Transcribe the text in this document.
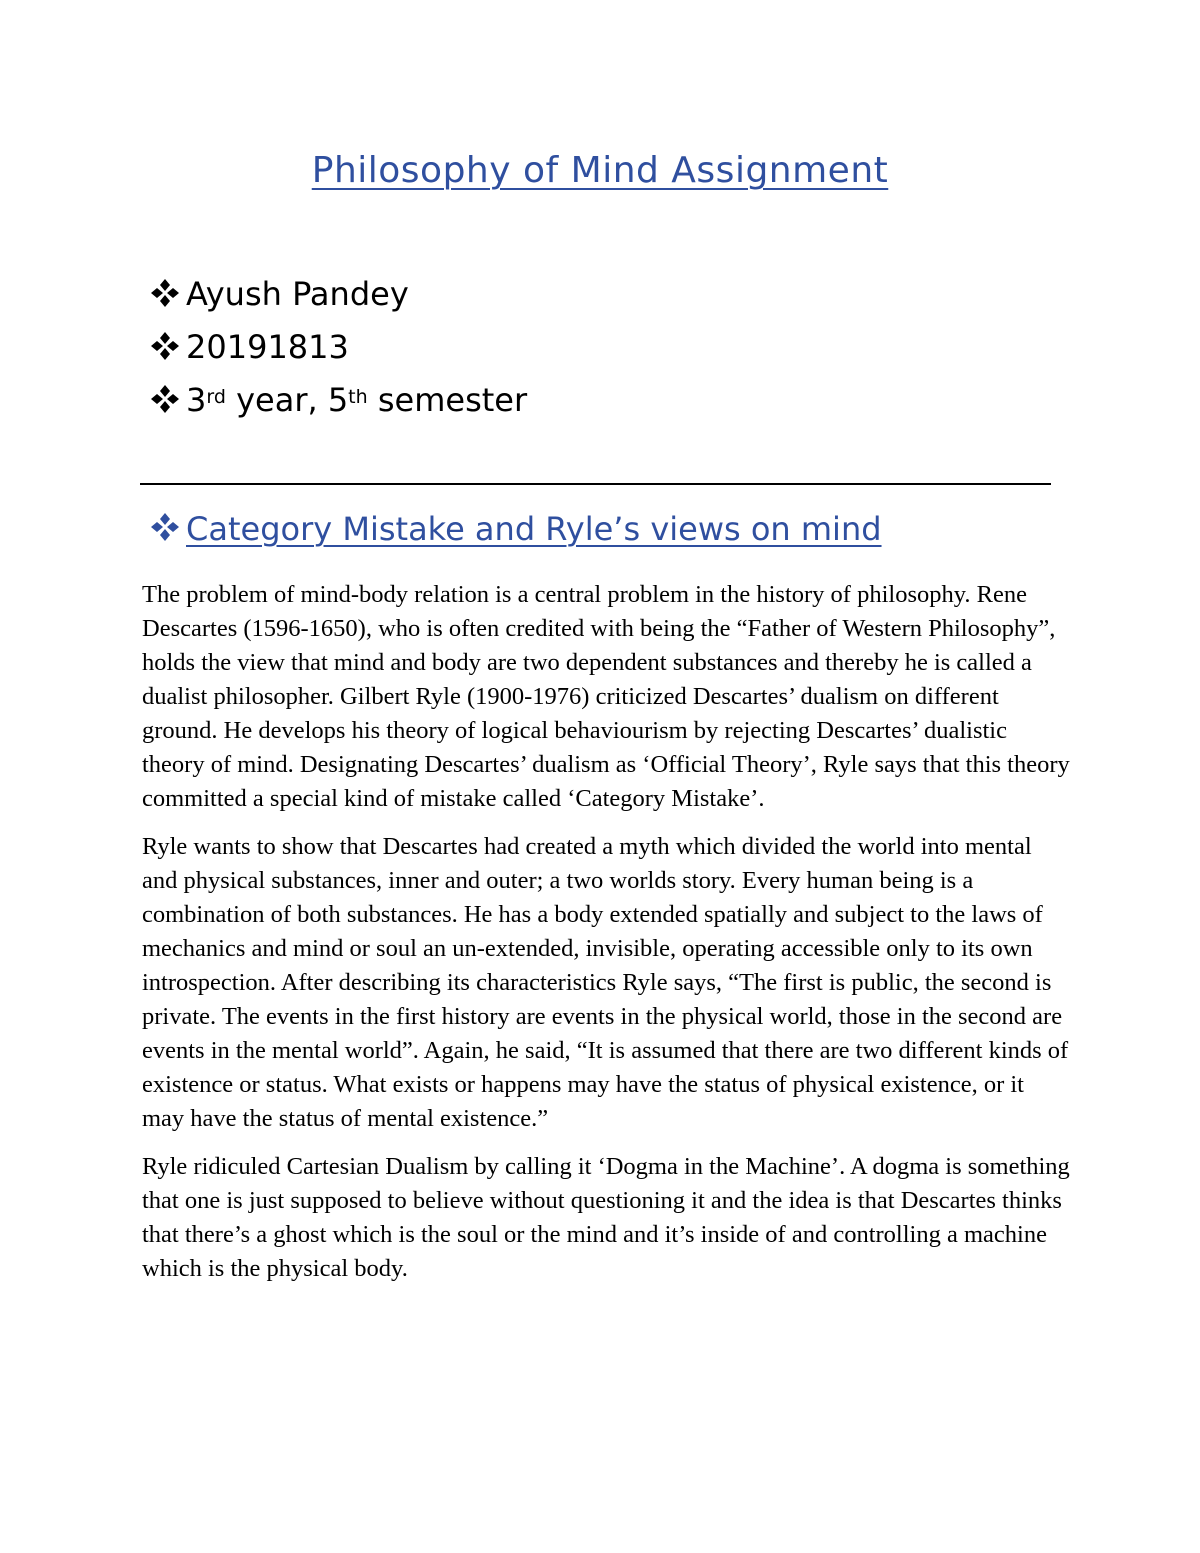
Philosophy of Mind Assignment
Ayush Pandey
20191813
3rd year, 5th semester
Category Mistake and Ryle’s views on mind

The problem of mind-body relation is a central problem in the history of philosophy. Rene Descartes (1596-1650), who is often credited with being the “Father of Western Philosophy”, holds the view that mind and body are two dependent substances and thereby he is called a dualist philosopher. Gilbert Ryle (1900-1976) criticized Descartes’ dualism on different ground. He develops his theory of logical behaviourism by rejecting Descartes’ dualistic theory of mind. Designating Descartes’ dualism as ‘Official Theory’, Ryle says that this theory committed a special kind of mistake called ‘Category Mistake’.

Ryle wants to show that Descartes had created a myth which divided the world into mental and physical substances, inner and outer; a two worlds story. Every human being is a combination of both substances. He has a body extended spatially and subject to the laws of mechanics and mind or soul an un-extended, invisible, operating accessible only to its own introspection. After describing its characteristics Ryle says, “The first is public, the second is private. The events in the first history are events in the physical world, those in the second are events in the mental world”. Again, he said, “It is assumed that there are two different kinds of existence or status. What exists or happens may have the status of physical existence, or it may have the status of mental existence.”

Ryle ridiculed Cartesian Dualism by calling it ‘Dogma in the Machine’. A dogma is something that one is just supposed to believe without questioning it and the idea is that Descartes thinks that there’s a ghost which is the soul or the mind and it’s inside of and controlling a machine which is the physical body.
